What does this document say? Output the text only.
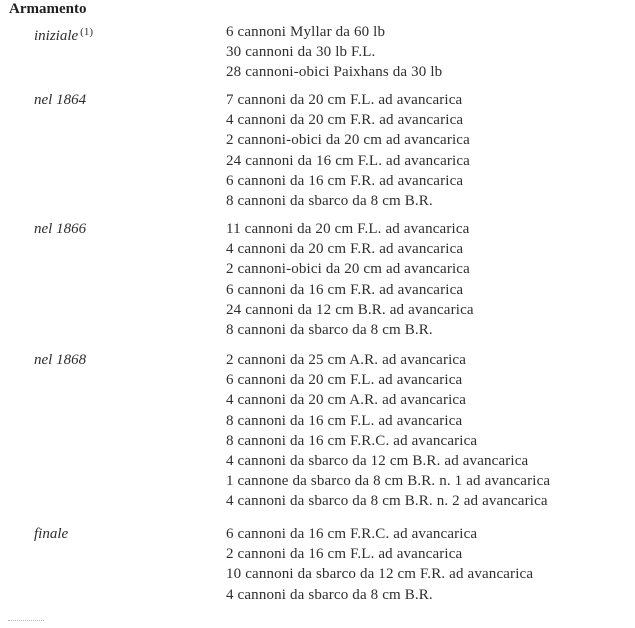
Armamento
iniziale $^{(1)}$	6 cannoni Myllar da 60 lb
30 cannoni da 30 lb F.L.
28 cannoni-obici Paixhans da 30 lb
nel 1864	7 cannoni da 20 cm F.L. ad avancarica
4 cannoni da 20 cm F.R. ad avancarica
2 cannoni-obici da 20 cm ad avancarica
24 cannoni da 16 cm F.L. ad avancarica
6 cannoni da 16 cm F.R. ad avancarica
8 cannoni da sbarco da 8 cm B.R.
nel 1866	11 cannoni da 20 cm F.L. ad avancarica
4 cannoni da 20 cm F.R. ad avancarica
2 cannoni-obici da 20 cm ad avancarica
6 cannoni da 16 cm F.R. ad avancarica
24 cannoni da 12 cm B.R. ad avancarica
8 cannoni da sbarco da 8 cm B.R.
nel 1868	2 cannoni da 25 cm A.R. ad avancarica
6 cannoni da 20 cm F.L. ad avancarica
4 cannoni da 20 cm A.R. ad avancarica
8 cannoni da 16 cm F.L. ad avancarica
8 cannoni da 16 cm F.R.C. ad avancarica
4 cannoni da sbarco da 12 cm B.R. ad avancarica
1 cannone da sbarco da 8 cm B.R. n. 1 ad avancarica
4 cannoni da sbarco da 8 cm B.R. n. 2 ad avancarica
finale	6 cannoni da 16 cm F.R.C. ad avancarica
2 cannoni da 16 cm F.L. ad avancarica
10 cannoni da sbarco da 12 cm F.R. ad avancarica
4 cannoni da sbarco da 8 cm B.R.
